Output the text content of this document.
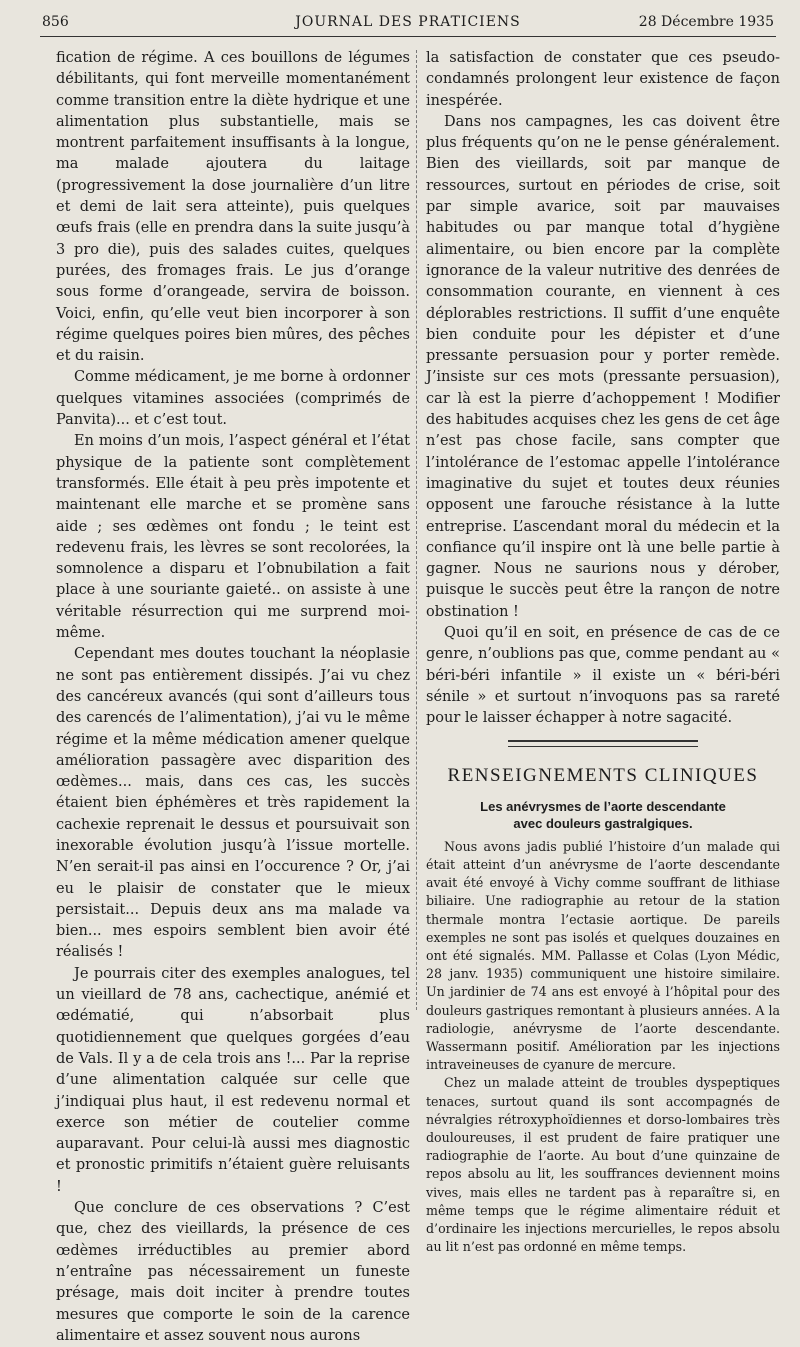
856	JOURNAL DES PRATICIENS	28 Décembre 1935

fication de régime. A ces bouillons de légumes débilitants, qui font merveille momentanément comme transition entre la diète hydrique et une alimentation plus substantielle, mais se montrent parfaitement insuffisants à la longue, ma malade ajoutera du laitage (progressivement la dose journalière d’un litre et demi de lait sera atteinte), puis quelques œufs frais (elle en prendra dans la suite jusqu’à 3 pro die), puis des salades cuites, quelques purées, des fromages frais. Le jus d’orange sous forme d’orangeade, servira de boisson. Voici, enfin, qu’elle veut bien incorporer à son régime quelques poires bien mûres, des pêches et du raisin.

Comme médicament, je me borne à ordonner quelques vitamines associées (comprimés de Panvita)... et c’est tout.

En moins d’un mois, l’aspect général et l’état physique de la patiente sont complètement transformés. Elle était à peu près impotente et maintenant elle marche et se promène sans aide ; ses œdèmes ont fondu ; le teint est redevenu frais, les lèvres se sont recolorées, la somnolence a disparu et l’obnubilation a fait place à une souriante gaieté.. on assiste à une véritable résurrection qui me surprend moi-même.

Cependant mes doutes touchant la néoplasie ne sont pas entièrement dissipés. J’ai vu chez des cancéreux avancés (qui sont d’ailleurs tous des carencés de l’alimentation), j’ai vu le même régime et la même médication amener quelque amélioration passagère avec disparition des œdèmes... mais, dans ces cas, les succès étaient bien éphémères et très rapidement la cachexie reprenait le dessus et poursuivait son inexorable évolution jusqu’à l’issue mortelle. N’en serait-il pas ainsi en l’occurence ? Or, j’ai eu le plaisir de constater que le mieux persistait... Depuis deux ans ma malade va bien... mes espoirs semblent bien avoir été réalisés !

Je pourrais citer des exemples analogues, tel un vieillard de 78 ans, cachectique, anémié et œdématié, qui n’absorbait plus quotidiennement que quelques gorgées d’eau de Vals. Il y a de cela trois ans !... Par la reprise d’une alimentation calquée sur celle que j’indiquai plus haut, il est redevenu normal et exerce son métier de coutelier comme auparavant. Pour celui-là aussi mes diagnostic et pronostic primitifs n’étaient guère reluisants !

Que conclure de ces observations ? C’est que, chez des vieillards, la présence de ces œdèmes irréductibles au premier abord n’entraîne pas nécessairement un funeste présage, mais doit inciter à prendre toutes mesures que comporte le soin de la carence alimentaire et assez souvent nous aurons

la satisfaction de constater que ces pseudo-condamnés prolongent leur existence de façon inespérée.

Dans nos campagnes, les cas doivent être plus fréquents qu’on ne le pense généralement. Bien des vieillards, soit par manque de ressources, surtout en périodes de crise, soit par simple avarice, soit par mauvaises habitudes ou par manque total d’hygiène alimentaire, ou bien encore par la complète ignorance de la valeur nutritive des denrées de consommation courante, en viennent à ces déplorables restrictions. Il suffit d’une enquête bien conduite pour les dépister et d’une pressante persuasion pour y porter remède. J’insiste sur ces mots (pressante persuasion), car là est la pierre d’achoppement ! Modifier des habitudes acquises chez les gens de cet âge n’est pas chose facile, sans compter que l’intolérance de l’estomac appelle l’intolérance imaginative du sujet et toutes deux réunies opposent une farouche résistance à la lutte entreprise. L’ascendant moral du médecin et la confiance qu’il inspire ont là une belle partie à gagner. Nous ne saurions nous y dérober, puisque le succès peut être la rançon de notre obstination !

Quoi qu’il en soit, en présence de cas de ce genre, n’oublions pas que, comme pendant au « béri-béri infantile » il existe un « béri-béri sénile » et surtout n’invoquons pas sa rareté pour le laisser échapper à notre sagacité.

RENSEIGNEMENTS CLINIQUES
Les anévrysmes de l’aorte descendante
avec douleurs gastralgiques.

Nous avons jadis publié l’histoire d’un malade qui était atteint d’un anévrysme de l’aorte descendante avait été envoyé à Vichy comme souffrant de lithiase biliaire. Une radiographie au retour de la station thermale montra l’ectasie aortique. De pareils exemples ne sont pas isolés et quelques douzaines en ont été signalés. MM. Pallasse et Colas (Lyon Médic, 28 janv. 1935) communiquent une histoire similaire. Un jardinier de 74 ans est envoyé à l’hôpital pour des douleurs gastriques remontant à plusieurs années. A la radiologie, anévrysme de l’aorte descendante. Wassermann positif. Amélioration par les injections intraveineuses de cyanure de mercure.

Chez un malade atteint de troubles dyspeptiques tenaces, surtout quand ils sont accompagnés de névralgies rétroxyphoïdiennes et dorso-lombaires très douloureuses, il est prudent de faire pratiquer une radiographie de l’aorte. Au bout d’une quinzaine de repos absolu au lit, les souffrances deviennent moins vives, mais elles ne tardent pas à reparaître si, en même temps que le régime alimentaire réduit et d’ordinaire les injections mercurielles, le repos absolu au lit n’est pas ordonné en même temps.
